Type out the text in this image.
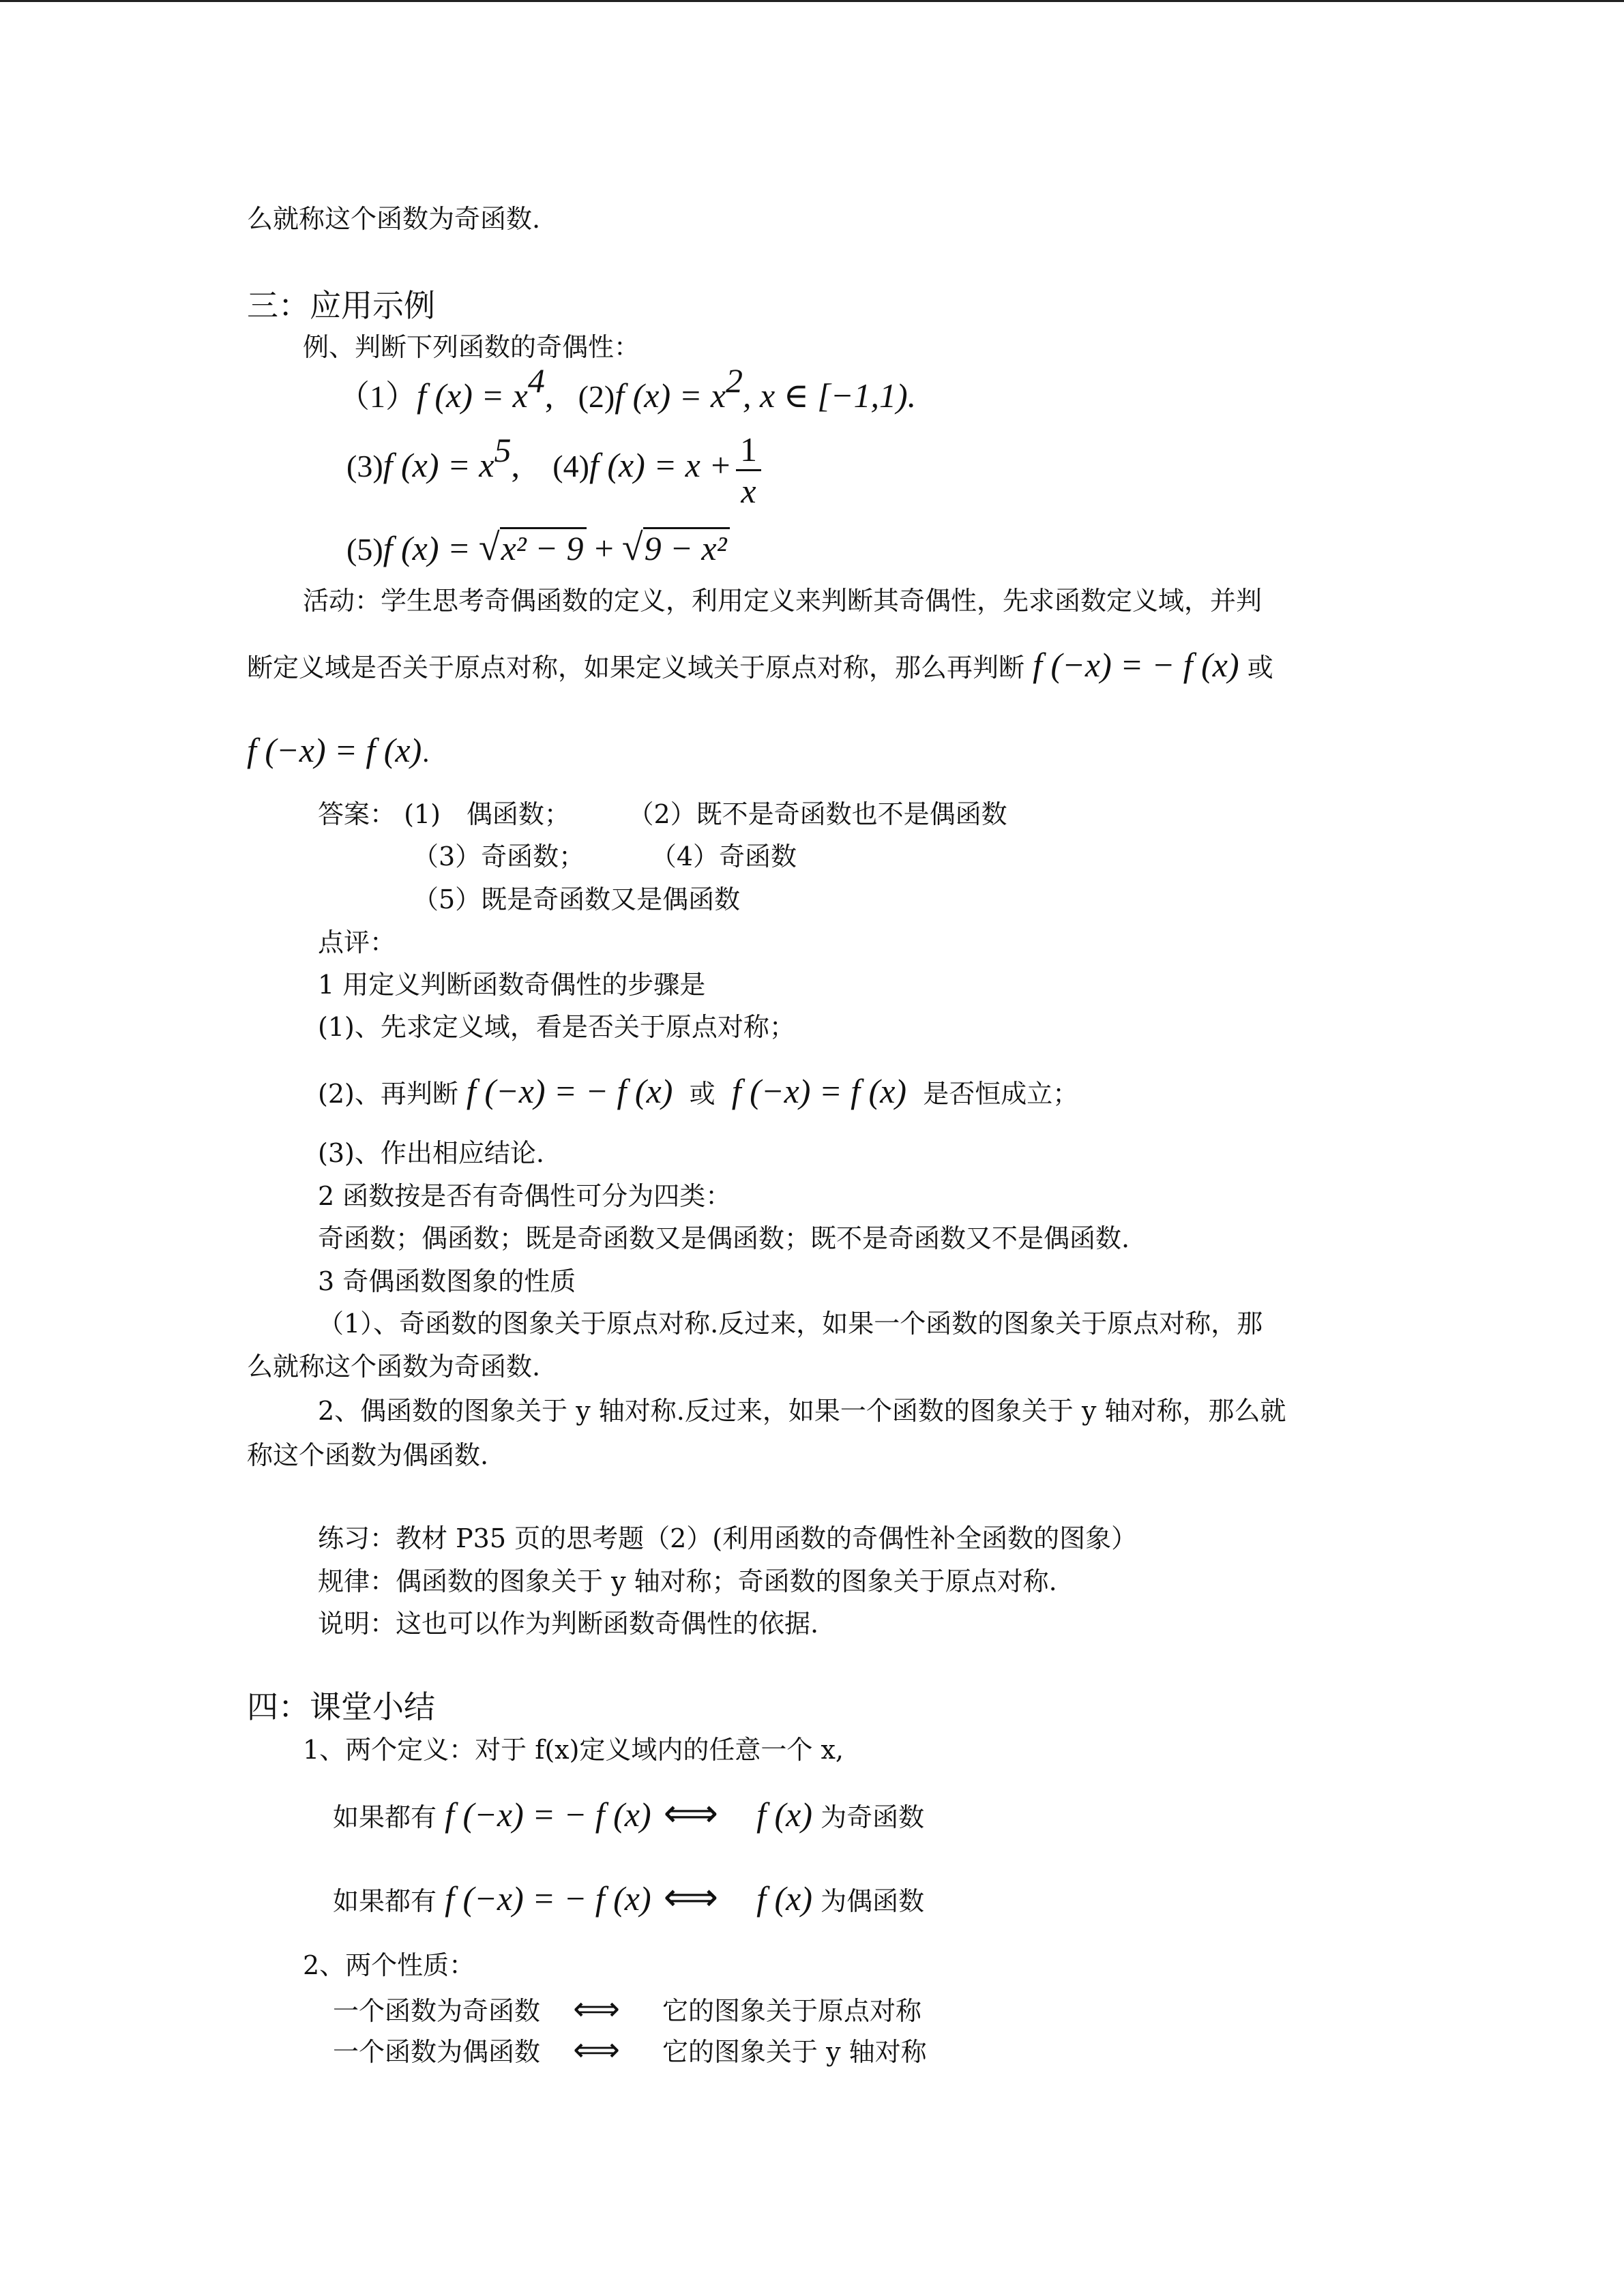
么就称这个函数为奇函数.
三：应用示例
例、判断下列函数的奇偶性：
（1）f $(x) = x^4$, (2)f $(x) = x^2$, x ∈ [−1,1).
(3)f $(x) = x^5$, (4)f $(x) = x + \frac{1}{x}$
(5)f (x) = √x² − 9 + √9 − x²
活动：学生思考奇偶函数的定义，利用定义来判断其奇偶性，先求函数定义域，并判
断定义域是否关于原点对称，如果定义域关于原点对称，那么再判断 f (−x) = − f (x) 或
f (−x) = f (x).
答案： (1)　偶函数； （2）既不是奇函数也不是偶函数
（3）奇函数；	（4）奇函数
（5）既是奇函数又是偶函数
点评：
1 用定义判断函数奇偶性的步骤是
(1)、先求定义域，看是否关于原点对称；
(2)、再判断 f (−x) = − f (x) 或 f (−x) = f (x) 是否恒成立；
(3)、作出相应结论.
2 函数按是否有奇偶性可分为四类：
奇函数；偶函数；既是奇函数又是偶函数；既不是奇函数又不是偶函数.
3 奇偶函数图象的性质
（1）、奇函数的图象关于原点对称.反过来，如果一个函数的图象关于原点对称，那
么就称这个函数为奇函数.
2、偶函数的图象关于 y 轴对称.反过来，如果一个函数的图象关于 y 轴对称，那么就
称这个函数为偶函数.
练习：教材 P35 页的思考题（2）(利用函数的奇偶性补全函数的图象）
规律：偶函数的图象关于 y 轴对称；奇函数的图象关于原点对称.
说明：这也可以作为判断函数奇偶性的依据.
四：课堂小结
1、两个定义：对于 f(x)定义域内的任意一个 x,
如果都有 f (−x) = − f (x) ⟺ f (x) 为奇函数
如果都有 f (−x) = − f (x) ⟺ f (x) 为偶函数
2、两个性质：
一个函数为奇函数 ⟺ 它的图象关于原点对称
一个函数为偶函数 ⟺ 它的图象关于 y 轴对称
